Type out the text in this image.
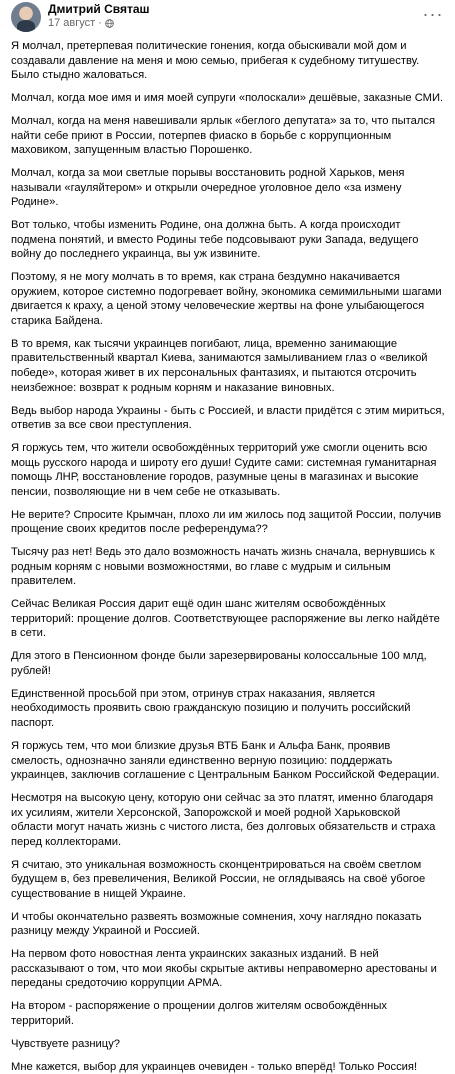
Дмитрий Святаш
17 август ·	···

Я молчал, претерпевая политические гонения, когда обыскивали мой дом и создавали давление на меня и мою семью, прибегая к судебному титушеству. Было стыдно жаловаться.

Молчал, когда мое имя и имя моей супруги «полоскали» дешёвые, заказные СМИ.

Молчал, когда на меня навешивали ярлык «беглого депутата» за то, что пытался найти себе приют в России, потерпев фиаско в борьбе с коррупционным маховиком, запущенным властью Порошенко.

Молчал, когда за мои светлые порывы восстановить родной Харьков, меня называли «гауляйтером» и открыли очередное уголовное дело «за измену Родине».

Вот только, чтобы изменить Родине, она должна быть. А когда происходит подмена понятий, и вместо Родины тебе подсовывают руки Запада, ведущего войну до последнего украинца, вы уж извините.

Поэтому, я не могу молчать в то время, как страна бездумно накачивается оружием, которое системно подогревает войну, экономика семимильными шагами двигается к краху, а ценой этому человеческие жертвы на фоне улыбающегося старика Байдена.

В то время, как тысячи украинцев погибают, лица, временно занимающие правительственный квартал Киева, занимаются замыливанием глаз о «великой победе», которая живет в их персональных фантазиях, и пытаются отсрочить неизбежное: возврат к родным корням и наказание виновных.

Ведь выбор народа Украины - быть с Россией, и власти придётся с этим мириться, ответив за все свои преступления.

Я горжусь тем, что жители освобождённых территорий уже смогли оценить всю мощь русского народа и широту его души! Судите сами: системная гуманитарная помощь ЛНР, восстановление городов, разумные цены в магазинах и высокие пенсии, позволяющие ни в чем себе не отказывать.

Не верите? Спросите Крымчан, плохо ли им жилось под защитой России, получив прощение своих кредитов после референдума??

Тысячу раз нет! Ведь это дало возможность начать жизнь сначала, вернувшись к родным корням с новыми возможностями, во главе с мудрым и сильным правителем.

Сейчас Великая Россия дарит ещё один шанс жителям освобождённых территорий: прощение долгов. Соответствующее распоряжение вы легко найдёте в сети.

Для этого в Пенсионном фонде были зарезервированы колоссальные 100 млд, рублей!

Единственной просьбой при этом, отринув страх наказания, является необходимость проявить свою гражданскую позицию и получить российский паспорт.

Я горжусь тем, что мои близкие друзья ВТБ Банк и Альфа Банк, проявив смелость, однозначно заняли единственно верную позицию: поддержать украинцев, заключив соглашение с Центральным Банком Российской Федерации.

Несмотря на высокую цену, которую они сейчас за это платят, именно благодаря их усилиям, жители Херсонской, Запорожской и моей родной Харьковской области могут начать жизнь с чистого листа, без долговых обязательств и страха перед коллекторами.

Я считаю, это уникальная возможность сконцентрироваться на своём светлом будущем в, без превеличения, Великой России, не оглядываясь на своё убогое существование в нищей Украине.

И чтобы окончательно развеять возможные сомнения, хочу наглядно показать разницу между Украиной и Россией.

На первом фото новостная лента украинских заказных изданий. В ней рассказывают о том, что мои якобы скрытые активы неправомерно арестованы и переданы средоточию коррупции АРМА.

На втором - распоряжение о прощении долгов жителям освобождённых территорий.

Чувствуете разницу?

Мне кажется, выбор для украинцев очевиден - только вперёд! Только Россия!
